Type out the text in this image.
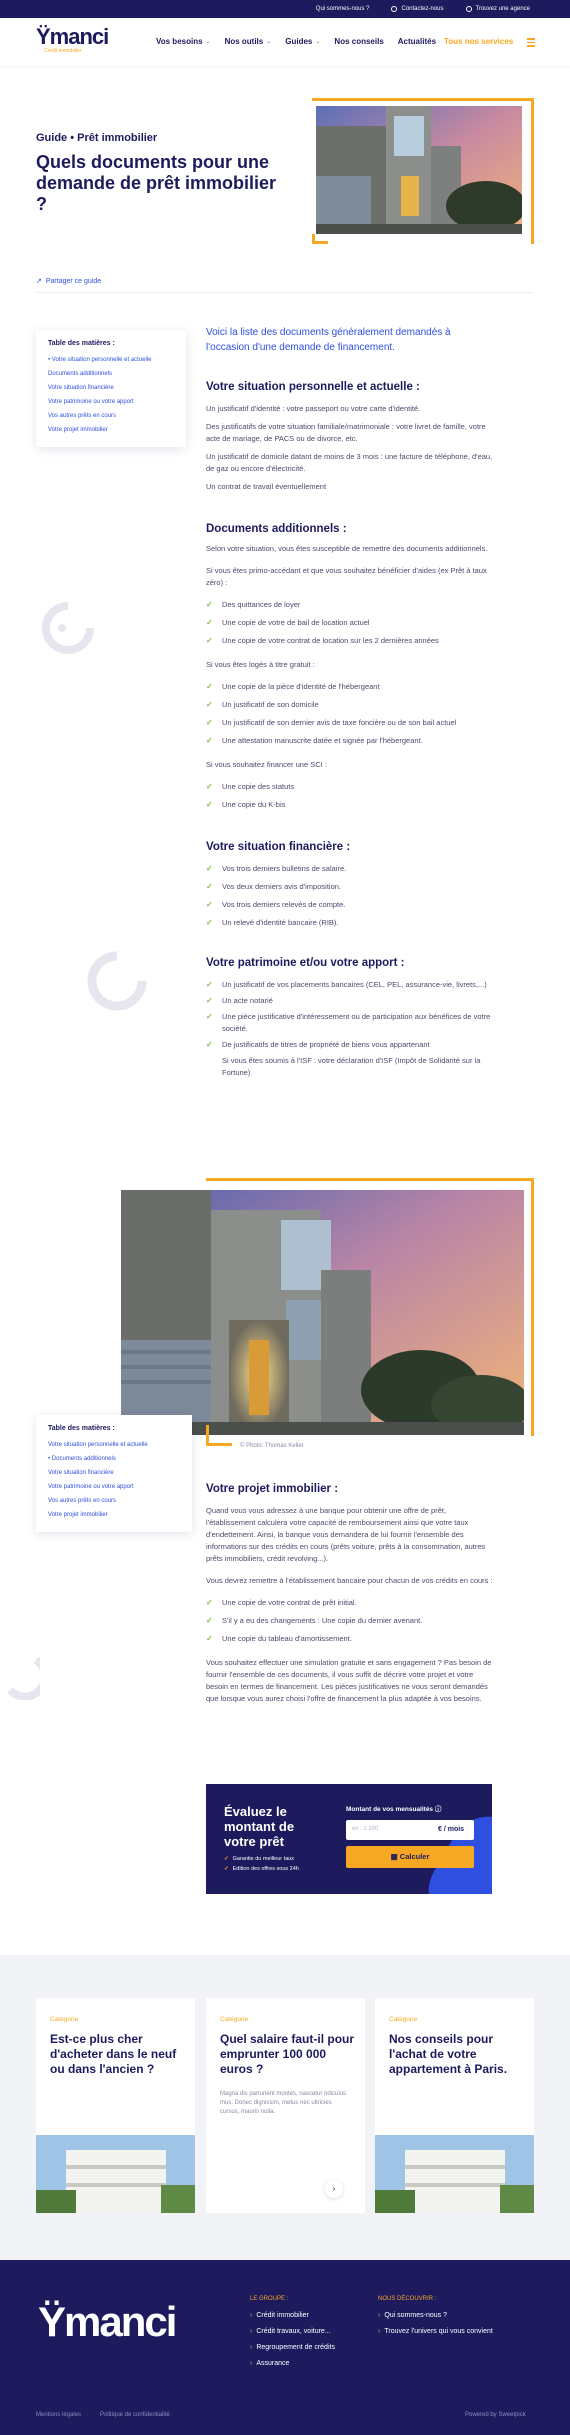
Qui sommes-nous ?	Contactez-nous	Trouvez une agence
Ÿmanci
Crédit immobilier
Vos besoins ⌄ Nos outils ⌄ Guides ⌄ Nos conseils Actualités Tous nos services
Guide • Prêt immobilier
Quels documents pour une demande de prêt immobilier ?
↗ Partager ce guide
Table des matières :
• Votre situation personnelle et actuelle
Documents additionnels
Votre situation financière
Votre patrimoine ou votre apport
Vos autres prêts en cours
Votre projet immobilier
Voici la liste des documents généralement demandés à l'occasion d'une demande de financement.
Votre situation personnelle et actuelle :
Un justificatif d'identité : votre passeport ou votre carte d'identité.
Des justificatifs de votre situation familiale/matrimoniale : votre livret de famille, votre acte de mariage, de PACS ou de divorce, etc.
Un justificatif de domicile datant de moins de 3 mois : une facture de téléphone, d'eau, de gaz ou encore d'électricité.
Un contrat de travail éventuellement
Documents additionnels :
Selon votre situation, vous êtes susceptible de remettre des documents additionnels.
Si vous êtes primo-accédant et que vous souhaitez bénéficier d'aides (ex Prêt à taux zéro) :
✓ Des quittances de loyer
✓ Une copie de votre de bail de location actuel
✓ Une copie de votre contrat de location sur les 2 dernières années
Si vous êtes logés à titre gratuit :
✓ Une copie de la pièce d'identité de l'hébergeant
✓ Un justificatif de son domicile
✓ Un justificatif de son dernier avis de taxe foncière ou de son bail actuel
✓ Une attestation manuscrite datée et signée par l'hébergeant.
Si vous souhaitez financer une SCI :
✓ Une copie des statuts
✓ Une copie du K-bis
Votre situation financière :
✓ Vos trois derniers bulletins de salaire.
✓ Vos deux derniers avis d'imposition.
✓ Vos trois derniers relevés de compte.
✓ Un relevé d'identité bancaire (RIB).
Votre patrimoine et/ou votre apport :
✓ Un justificatif de vos placements bancaires (CEL, PEL, assurance-vie, livrets,...)
✓ Un acte notarié
✓ Une pièce justificative d'intéressement ou de participation aux bénéfices de votre société.
✓ De justificatifs de titres de propriété de biens vous appartenant
Si vous êtes soumis à l'ISF : votre déclaration d'ISF (Impôt de Solidarité sur la Fortune)
© Photo: Thomas Keller
Table des matières :
Votre situation personnelle et actuelle
• Documents additionnels
Votre situation financière
Votre patrimoine ou votre apport
Vos autres prêts en cours
Votre projet immobilier
Votre projet immobilier :
Quand vous vous adressez à une banque pour obtenir une offre de prêt, l'établissement calculera votre capacité de remboursement ainsi que votre taux d'endettement. Ainsi, la banque vous demandera de lui fournir l'ensemble des informations sur des crédits en cours (prêts voiture, prêts à la consommation, autres prêts immobiliers, crédit revolving...).
Vous devrez remettre à l'établissement bancaire pour chacun de vos crédits en cours :
✓ Une copie de votre contrat de prêt initial.
✓ S'il y a eu des changements : Une copie du dernier avenant.
✓ Une copie du tableau d'amortissement.
Vous souhaitez effectuer une simulation gratuite et sans engagement ? Pas besoin de fournir l'ensemble de ces documents, il vous suffit de décrire votre projet et votre besoin en termes de financement. Les pièces justificatives ne vous seront demandés que lorsque vous aurez choisi l'offre de financement la plus adaptée à vos besoins.
Évaluez le montant de votre prêt
✓ Garantie du meilleur taux
✓ Edition des offres sous 24h
Montant de vos mensualités ⓘ
ex : 1 200	€ / mois
▦ Calculer
Catégorie
Est-ce plus cher d'acheter dans le neuf ou dans l'ancien ?
Catégorie
Quel salaire faut-il pour emprunter 100 000 euros ?
Magna dis parturient montes, nascetur ridiculus mus. Donec dignissim, metus nec ultricies cursus, mauris nulla.
›
Catégorie
Nos conseils pour l'achat de votre appartement à Paris.
Ÿmanci	LE GROUPE :
› Crédit immobilier
› Crédit travaux, voiture...
› Regroupement de crédits
› Assurance
NOUS DÉCOUVRIR :
› Qui sommes-nous ?
› Trouvez l'univers qui vous convient
Mentions légales	Politique de confidentialité	Powered by Sweetpick
